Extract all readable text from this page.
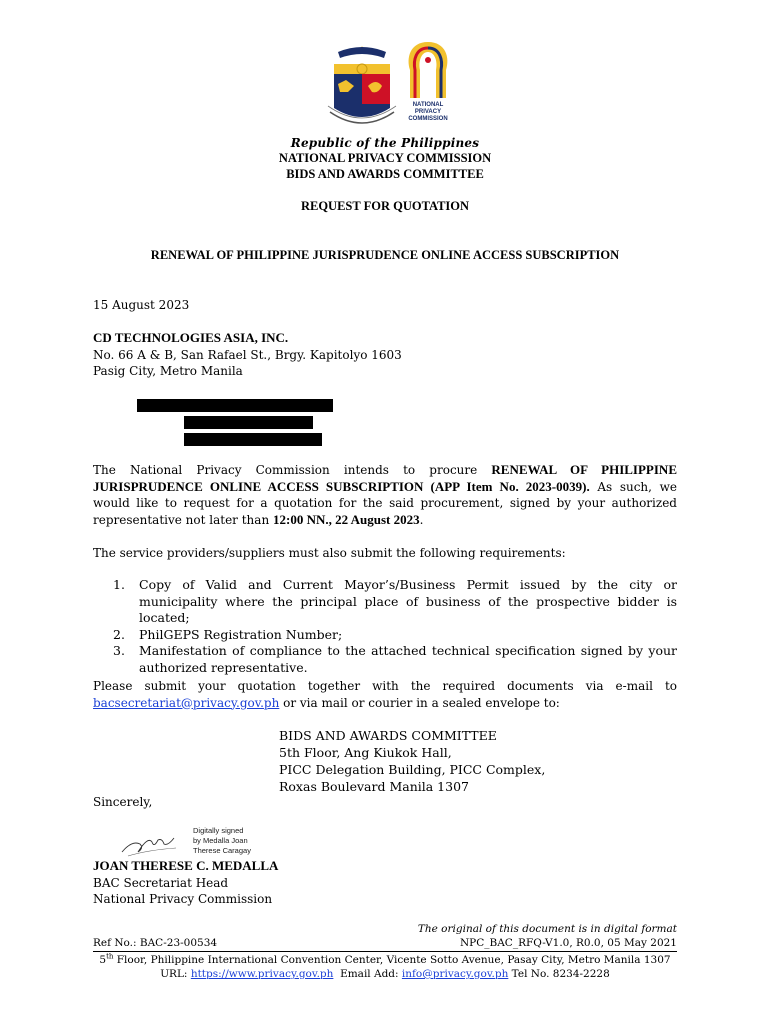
NATIONAL
PRIVACY
COMMISSION
Republic of the Philippines
NATIONAL PRIVACY COMMISSION
BIDS AND AWARDS COMMITTEE
REQUEST FOR QUOTATION
RENEWAL OF PHILIPPINE JURISPRUDENCE ONLINE ACCESS SUBSCRIPTION
15 August 2023
CD TECHNOLOGIES ASIA, INC.
No. 66 A & B, San Rafael St., Brgy. Kapitolyo 1603
Pasig City, Metro Manila
The National Privacy Commission intends to procure RENEWAL OF PHILIPPINE JURISPRUDENCE ONLINE ACCESS SUBSCRIPTION (APP Item No. 2023-0039). As such, we would like to request for a quotation for the said procurement, signed by your authorized representative not later than 12:00 NN., 22 August 2023.
The service providers/suppliers must also submit the following requirements:
1. Copy of Valid and Current Mayor’s/Business Permit issued by the city or municipality where the principal place of business of the prospective bidder is located;
2. PhilGEPS Registration Number;
3. Manifestation of compliance to the attached technical specification signed by your authorized representative.
Please submit your quotation together with the required documents via e-mail to bacsecretariat@privacy.gov.ph or via mail or courier in a sealed envelope to:
BIDS AND AWARDS COMMITTEE
5th Floor, Ang Kiukok Hall,
PICC Delegation Building, PICC Complex,
Roxas Boulevard Manila 1307
Sincerely,
Digitally signed
by Medalla Joan
Therese Caragay
JOAN THERESE C. MEDALLA
BAC Secretariat Head
National Privacy Commission
The original of this document is in digital format
Ref No.: BAC-23-00534	NPC_BAC_RFQ-V1.0, R0.0, 05 May 2021
5th Floor, Philippine International Convention Center, Vicente Sotto Avenue, Pasay City, Metro Manila 1307
URL: https://www.privacy.gov.ph  Email Add: info@privacy.gov.ph Tel No. 8234-2228
